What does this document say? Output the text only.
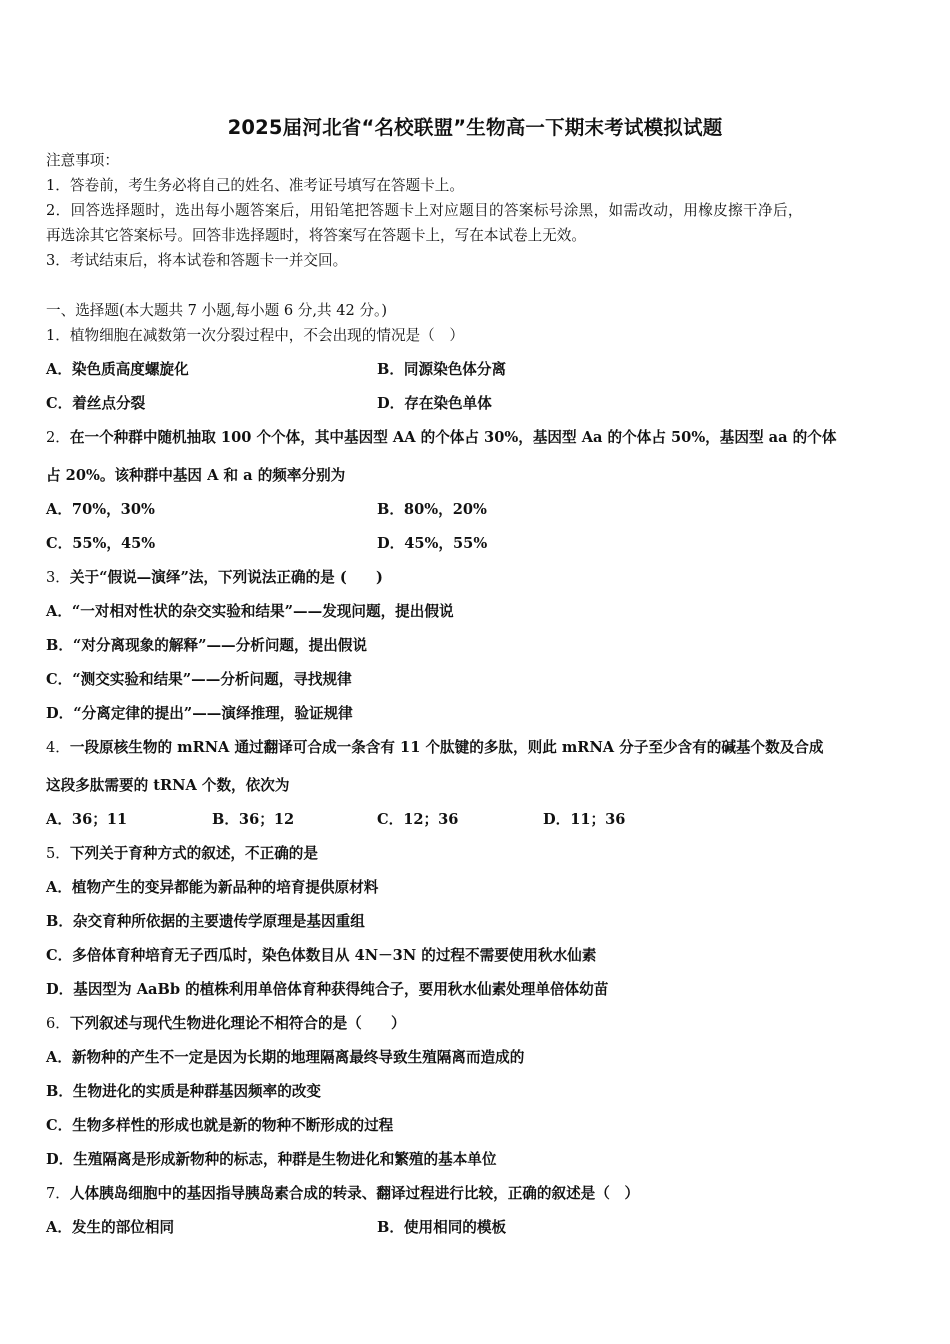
2025届河北省“名校联盟”生物高一下期末考试模拟试题
注意事项：
1．答卷前，考生务必将自己的姓名、准考证号填写在答题卡上。
2．回答选择题时，选出每小题答案后，用铅笔把答题卡上对应题目的答案标号涂黑，如需改动，用橡皮擦干净后，
再选涂其它答案标号。回答非选择题时，将答案写在答题卡上，写在本试卷上无效。
3．考试结束后，将本试卷和答题卡一并交回。
一、选择题(本大题共 7 小题,每小题 6 分,共 42 分。)
1．植物细胞在减数第一次分裂过程中，不会出现的情况是（　）
A．染色质高度螺旋化	B．同源染色体分离
C．着丝点分裂	D．存在染色单体
2．在一个种群中随机抽取 100 个个体，其中基因型 AA 的个体占 30%，基因型 Aa 的个体占 50%，基因型 aa 的个体
占 20%。该种群中基因 A 和 a 的频率分别为
A．70%，30%	B．80%，20%
C．55%，45%	D．45%，55%
3．关于“假说—演绎”法，下列说法正确的是 (　　)
A．“一对相对性状的杂交实验和结果”——发现问题，提出假说
B．“对分离现象的解释”——分析问题，提出假说
C．“测交实验和结果”——分析问题，寻找规律
D．“分离定律的提出”——演绎推理，验证规律
4．一段原核生物的 mRNA 通过翻译可合成一条含有 11 个肽键的多肽，则此 mRNA 分子至少含有的碱基个数及合成
这段多肽需要的 tRNA 个数，依次为
A．36；11	B．36；12	C．12；36	D．11；36
5．下列关于育种方式的叙述，不正确的是
A．植物产生的变异都能为新品种的培育提供原材料
B．杂交育种所依据的主要遗传学原理是基因重组
C．多倍体育种培育无子西瓜时，染色体数目从 4N－3N 的过程不需要使用秋水仙素
D．基因型为 AaBb 的植株利用单倍体育种获得纯合子，要用秋水仙素处理单倍体幼苗
6．下列叙述与现代生物进化理论不相符合的是（　　）
A．新物种的产生不一定是因为长期的地理隔离最终导致生殖隔离而造成的
B．生物进化的实质是种群基因频率的改变
C．生物多样性的形成也就是新的物种不断形成的过程
D．生殖隔离是形成新物种的标志，种群是生物进化和繁殖的基本单位
7．人体胰岛细胞中的基因指导胰岛素合成的转录、翻译过程进行比较，正确的叙述是（　）
A．发生的部位相同	B．使用相同的模板
